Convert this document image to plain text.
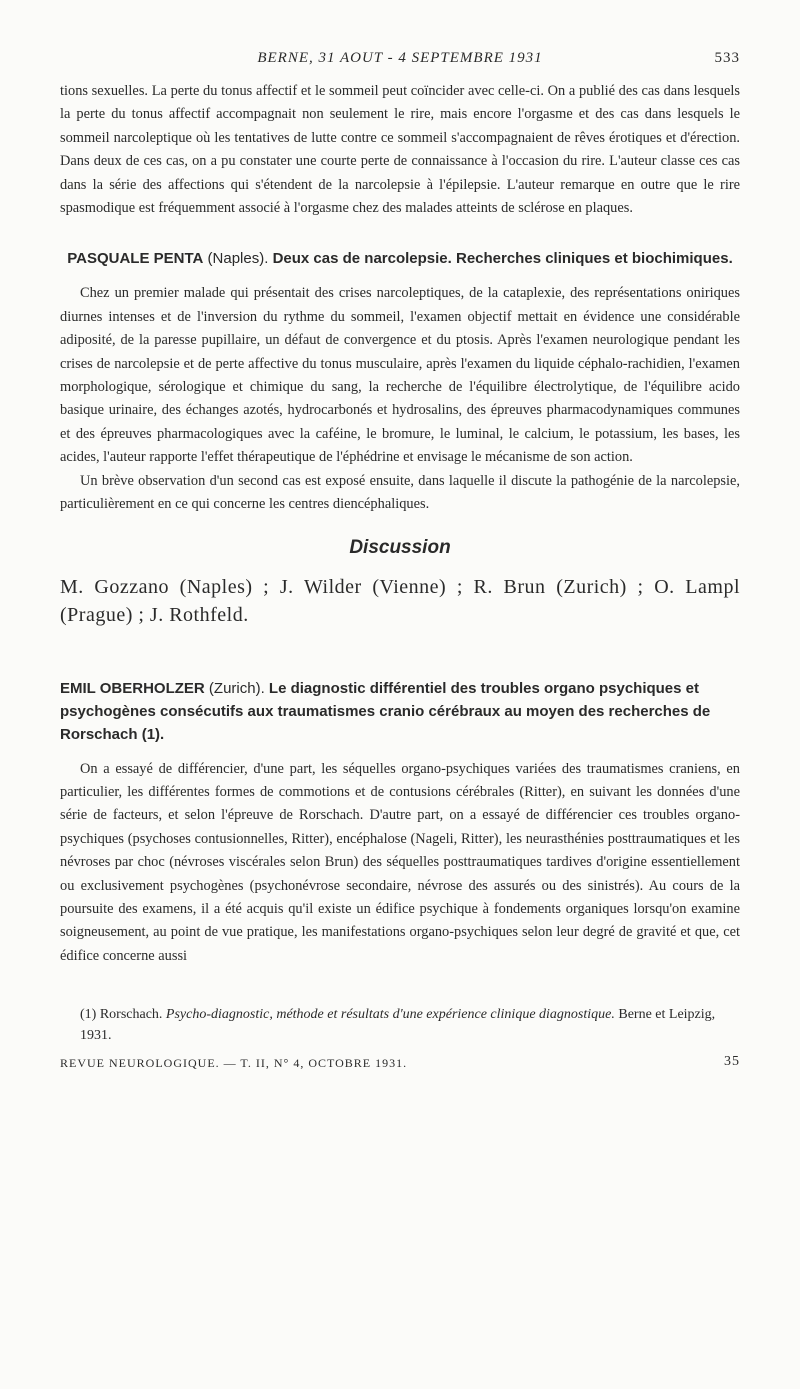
BERNE, 31 AOUT - 4 SEPTEMBRE 1931	533

tions sexuelles. La perte du tonus affectif et le sommeil peut coïncider avec celle-ci. On a publié des cas dans lesquels la perte du tonus affectif accompagnait non seulement le rire, mais encore l'orgasme et des cas dans lesquels le sommeil narcoleptique où les tentatives de lutte contre ce sommeil s'accompagnaient de rêves érotiques et d'érection. Dans deux de ces cas, on a pu constater une courte perte de connaissance à l'occasion du rire. L'auteur classe ces cas dans la série des affections qui s'étendent de la narcolepsie à l'épilepsie. L'auteur remarque en outre que le rire spasmodique est fréquemment associé à l'orgasme chez des malades atteints de sclérose en plaques.

PASQUALE PENTA (Naples). Deux cas de narcolepsie. Recherches cliniques et biochimiques.

Chez un premier malade qui présentait des crises narcoleptiques, de la cataplexie, des représentations oniriques diurnes intenses et de l'inversion du rythme du sommeil, l'examen objectif mettait en évidence une considérable adiposité, de la paresse pupillaire, un défaut de convergence et du ptosis. Après l'examen neurologique pendant les crises de narcolepsie et de perte affective du tonus musculaire, après l'examen du liquide céphalo-rachidien, l'examen morphologique, sérologique et chimique du sang, la recherche de l'équilibre électrolytique, de l'équilibre acido basique urinaire, des échanges azotés, hydrocarbonés et hydrosalins, des épreuves pharmacodynamiques communes et des épreuves pharmacologiques avec la caféine, le bromure, le luminal, le calcium, le potassium, les bases, les acides, l'auteur rapporte l'effet thérapeutique de l'éphédrine et envisage le mécanisme de son action.

Un brève observation d'un second cas est exposé ensuite, dans laquelle il discute la pathogénie de la narcolepsie, particulièrement en ce qui concerne les centres diencéphaliques.

Discussion
M. Gozzano (Naples) ; J. Wilder (Vienne) ; R. Brun (Zurich) ; O. Lampl (Prague) ; J. Rothfeld.
EMIL OBERHOLZER (Zurich). Le diagnostic différentiel des troubles organo psychiques et psychogènes consécutifs aux traumatismes cranio cérébraux au moyen des recherches de Rorschach (1).

On a essayé de différencier, d'une part, les séquelles organo-psychiques variées des traumatismes craniens, en particulier, les différentes formes de commotions et de contusions cérébrales (Ritter), en suivant les données d'une série de facteurs, et selon l'épreuve de Rorschach. D'autre part, on a essayé de différencier ces troubles organo-psychiques (psychoses contusionnelles, Ritter), encéphalose (Nageli, Ritter), les neurasthénies posttraumatiques et les névroses par choc (névroses viscérales selon Brun) des séquelles posttraumatiques tardives d'origine essentiellement ou exclusivement psychogènes (psychonévrose secondaire, névrose des assurés ou des sinistrés). Au cours de la poursuite des examens, il a été acquis qu'il existe un édifice psychique à fondements organiques lorsqu'on examine soigneusement, au point de vue pratique, les manifestations organo-psychiques selon leur degré de gravité et que, cet édifice concerne aussi

(1) Rorschach. Psycho-diagnostic, méthode et résultats d'une expérience clinique diagnostique. Berne et Leipzig, 1931.
REVUE NEUROLOGIQUE. — T. II, N° 4, OCTOBRE 1931.	35
